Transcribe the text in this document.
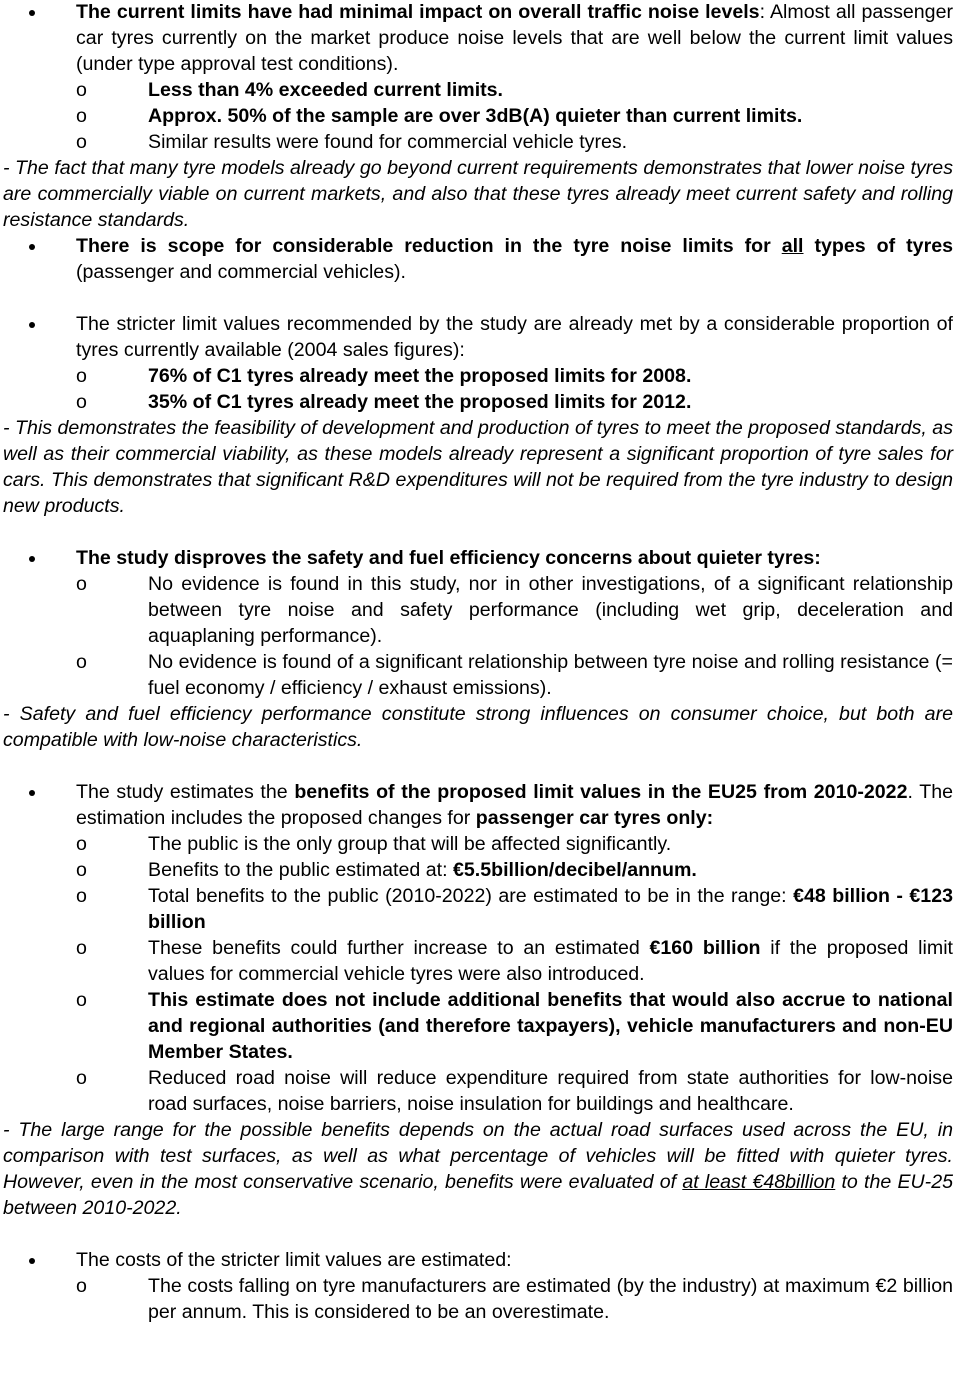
The current limits have had minimal impact on overall traffic noise levels: Almost all passenger car tyres currently on the market produce noise levels that are well below the current limit values (under type approval test conditions).
o	Less than 4% exceeded current limits.
o	Approx. 50% of the sample are over 3dB(A) quieter than current limits.
o	Similar results were found for commercial vehicle tyres.
- The fact that many tyre models already go beyond current requirements demonstrates that lower noise tyres are commercially viable on current markets, and also that these tyres already meet current safety and rolling resistance standards.
There is scope for considerable reduction in the tyre noise limits for all types of tyres (passenger and commercial vehicles).
The stricter limit values recommended by the study are already met by a considerable proportion of tyres currently available (2004 sales figures):
o	76% of C1 tyres already meet the proposed limits for 2008.
o	35% of C1 tyres already meet the proposed limits for 2012.
- This demonstrates the feasibility of development and production of tyres to meet the proposed standards, as well as their commercial viability, as these models already represent a significant proportion of tyre sales for cars. This demonstrates that significant R&D expenditures will not be required from the tyre industry to design new products.
The study disproves the safety and fuel efficiency concerns about quieter tyres:
o	No evidence is found in this study, nor in other investigations, of a significant relationship between tyre noise and safety performance (including wet grip, deceleration and aquaplaning performance).
o	No evidence is found of a significant relationship between tyre noise and rolling resistance (= fuel economy / efficiency / exhaust emissions).
- Safety and fuel efficiency performance constitute strong influences on consumer choice, but both are compatible with low-noise characteristics.
The study estimates the benefits of the proposed limit values in the EU25 from 2010-2022. The estimation includes the proposed changes for passenger car tyres only:
o	The public is the only group that will be affected significantly.
o	Benefits to the public estimated at: €5.5billion/decibel/annum.
o	Total benefits to the public (2010-2022) are estimated to be in the range: €48 billion - €123 billion
o	These benefits could further increase to an estimated €160 billion if the proposed limit values for commercial vehicle tyres were also introduced.
o	This estimate does not include additional benefits that would also accrue to national and regional authorities (and therefore taxpayers), vehicle manufacturers and non-EU Member States.
o	Reduced road noise will reduce expenditure required from state authorities for low-noise road surfaces, noise barriers, noise insulation for buildings and healthcare.
- The large range for the possible benefits depends on the actual road surfaces used across the EU, in comparison with test surfaces, as well as what percentage of vehicles will be fitted with quieter tyres. However, even in the most conservative scenario, benefits were evaluated of at least €48billion to the EU-25 between 2010-2022.
The costs of the stricter limit values are estimated:
o	The costs falling on tyre manufacturers are estimated (by the industry) at maximum €2 billion per annum. This is considered to be an overestimate.
